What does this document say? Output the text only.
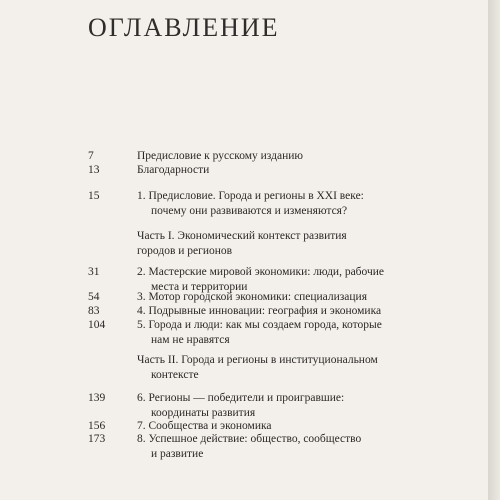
ОГЛАВЛЕНИЕ
7	Предисловие к русскому изданию
13	Благодарности
15	1. Предисловие. Города и регионы в XXI веке:
почему они развиваются и изменяются?
Часть I. Экономический контекст развития
городов и регионов
31	2. Мастерские мировой экономики: люди, рабочие
места и территории
54	3. Мотор городской экономики: специализация
83	4. Подрывные инновации: география и экономика
104	5. Города и люди: как мы создаем города, которые
нам не нравятся
Часть II. Города и регионы в институциональном
контексте
139	6. Регионы — победители и проигравшие:
координаты развития
156	7. Сообщества и экономика
173	8. Успешное действие: общество, сообщество
и развитие
